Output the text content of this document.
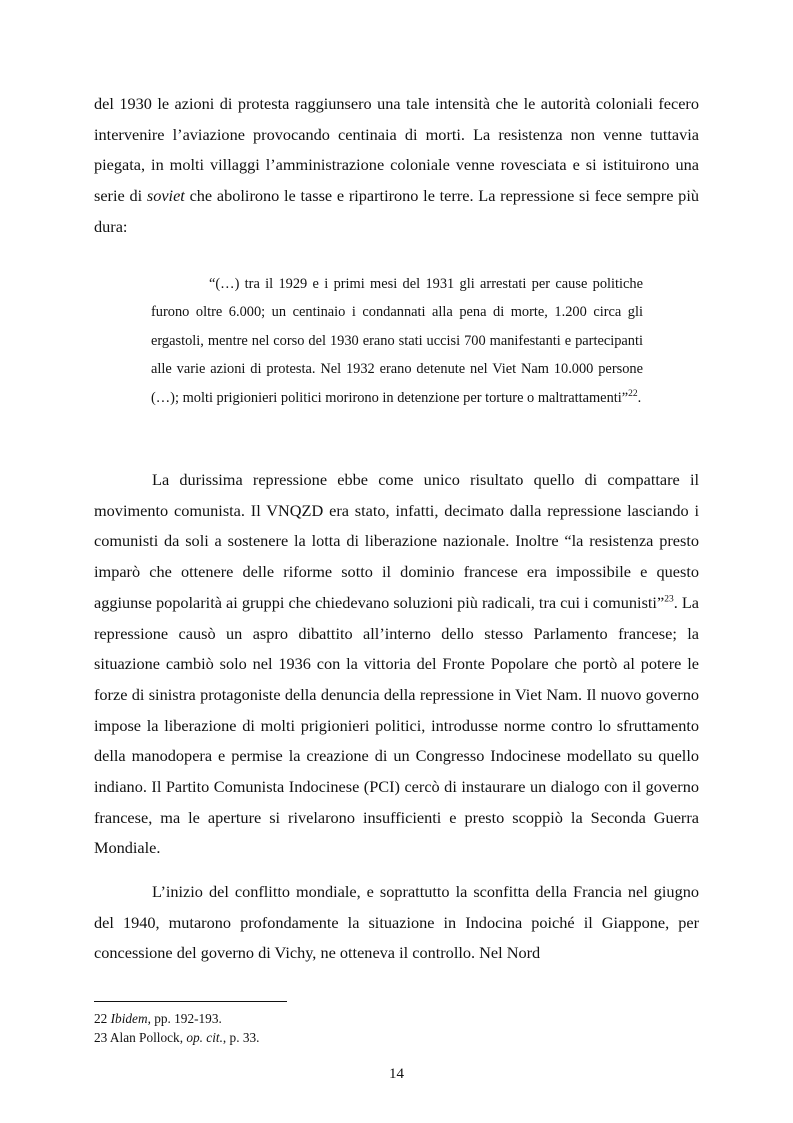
del 1930 le azioni di protesta raggiunsero una tale intensità che le autorità coloniali fecero intervenire l’aviazione provocando centinaia di morti. La resistenza non venne tuttavia piegata, in molti villaggi l’amministrazione coloniale venne rovesciata e si istituirono una serie di soviet che abolirono le tasse e ripartirono le terre. La repressione si fece sempre più dura:

“(…) tra il 1929 e i primi mesi del 1931 gli arrestati per cause politiche furono oltre 6.000; un centinaio i condannati alla pena di morte, 1.200 circa gli ergastoli, mentre nel corso del 1930 erano stati uccisi 700 manifestanti e partecipanti alle varie azioni di protesta. Nel 1932 erano detenute nel Viet Nam 10.000 persone (…); molti prigionieri politici morirono in detenzione per torture o maltrattamenti”$^{22}$.

La durissima repressione ebbe come unico risultato quello di compattare il movimento comunista. Il VNQZD era stato, infatti, decimato dalla repressione lasciando i comunisti da soli a sostenere la lotta di liberazione nazionale. Inoltre “la resistenza presto imparò che ottenere delle riforme sotto il dominio francese era impossibile e questo aggiunse popolarità ai gruppi che chiedevano soluzioni più radicali, tra cui i comunisti”$^{23}$. La repressione causò un aspro dibattito all’interno dello stesso Parlamento francese; la situazione cambiò solo nel 1936 con la vittoria del Fronte Popolare che portò al potere le forze di sinistra protagoniste della denuncia della repressione in Viet Nam. Il nuovo governo impose la liberazione di molti prigionieri politici, introdusse norme contro lo sfruttamento della manodopera e permise la creazione di un Congresso Indocinese modellato su quello indiano. Il Partito Comunista Indocinese (PCI) cercò di instaurare un dialogo con il governo francese, ma le aperture si rivelarono insufficienti e presto scoppiò la Seconda Guerra Mondiale.

L’inizio del conflitto mondiale, e soprattutto la sconfitta della Francia nel giugno del 1940, mutarono profondamente la situazione in Indocina poiché il Giappone, per concessione del governo di Vichy, ne otteneva il controllo. Nel Nord

22 Ibidem, pp. 192-193.

23 Alan Pollock, op. cit., p. 33.

14
